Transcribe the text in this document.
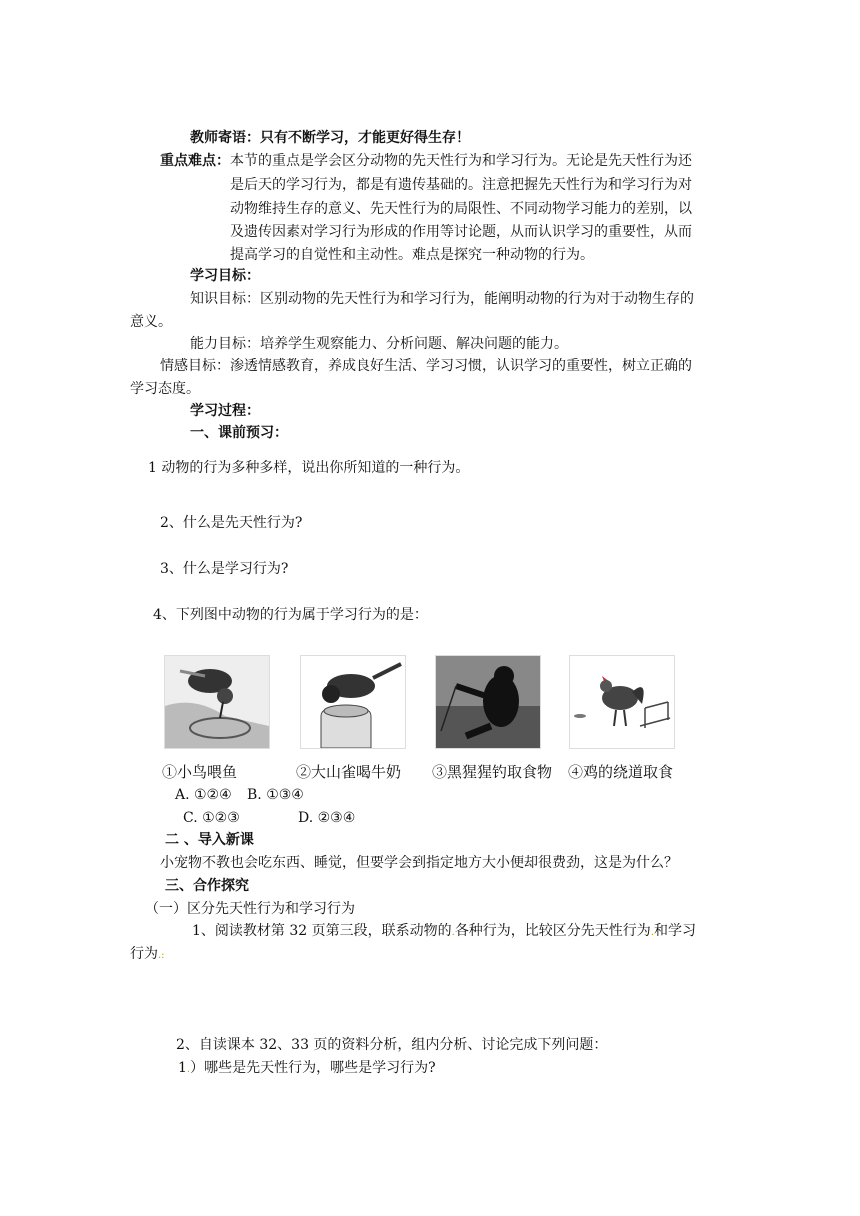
教师寄语：只有不断学习，才能更好得生存！
重点难点： 本节的重点是学会区分动物的先天性行为和学习行为。无论是先天性行为还
是后天的学习行为，都是有遗传基础的。注意把握先天性行为和学习行为对
动物维持生存的意义、先天性行为的局限性、不同动物学习能力的差别，以
及遗传因素对学习行为形成的作用等讨论题，从而认识学习的重要性，从而
提高学习的自觉性和主动性。难点是探究一种动物的行为。
学习目标：
知识目标：区别动物的先天性行为和学习行为，能阐明动物的行为对于动物生存的
意义。
能力目标：培养学生观察能力、分析问题、解决问题的能力。
情感目标：渗透情感教育，养成良好生活、学习习惯，认识学习的重要性，树立正确的
学习态度。
学习过程：
一、课前预习：
1 动物的行为多种多样，说出你所知道的一种行为。
2、什么是先天性行为?
3、什么是学习行为?
4、下列图中动物的行为属于学习行为的是：
①小鸟喂鱼	②大山雀喝牛奶 ③黑猩猩钓取食物 ④鸡的绕道取食
A. ①②④ B. ①③④
C. ①②③	D. ②③④
二 、导入新课
小宠物不教也会吃东西、睡觉，但要学会到指定地方大小便却很费劲，这是为什么？
三、合作探究
（一）区分先天性行为和学习行为
1、阅读教材第 32 页第三段，联系动物的.各种行为，比较区分先天性行为.和学习
行为.:
2、自读课本 32、33 页的资料分析，组内分析、讨论完成下列问题：
1.）哪些是先天性行为，哪些是学习行为?
